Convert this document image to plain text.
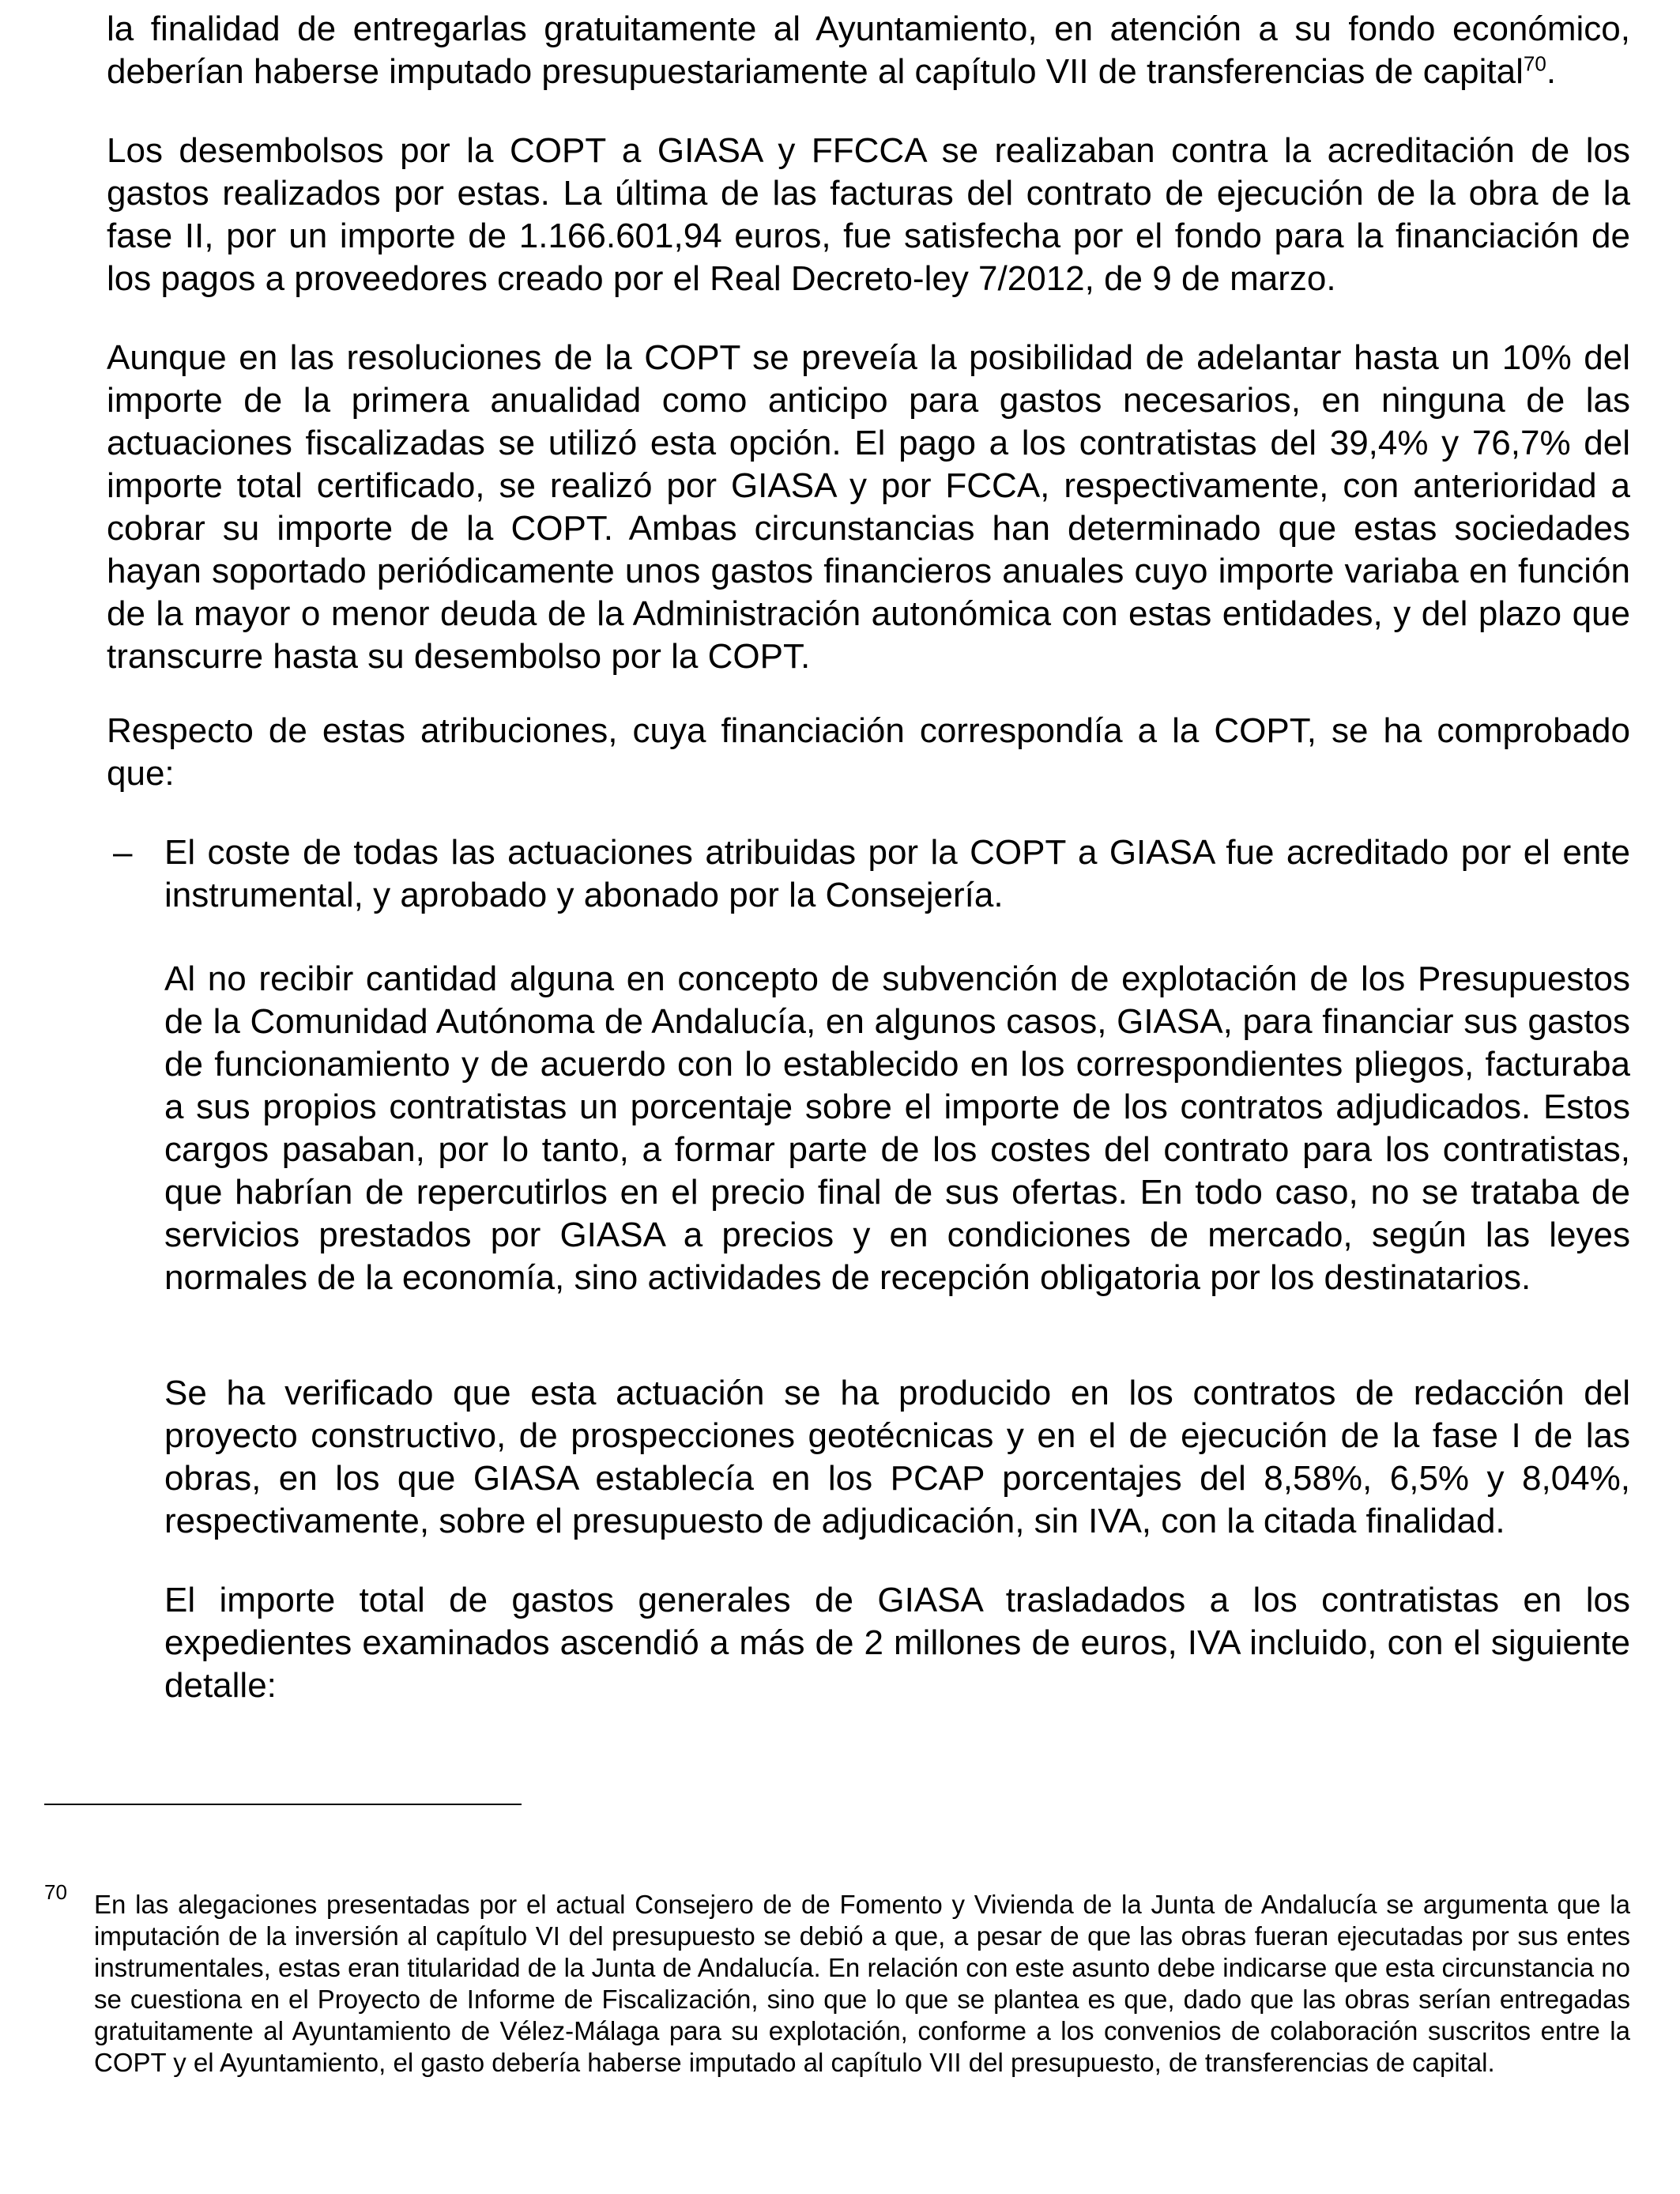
la finalidad de entregarlas gratuitamente al Ayuntamiento, en atención a su fondo económico, deberían haberse imputado presupuestariamente al capítulo VII de transferencias de capital$^{70}$.

Los desembolsos por la COPT a GIASA y FFCCA se realizaban contra la acreditación de los gastos realizados por estas. La última de las facturas del contrato de ejecución de la obra de la fase II, por un importe de 1.166.601,94 euros, fue satisfecha por el fondo para la financiación de los pagos a proveedores creado por el Real Decreto-ley 7/2012, de 9 de marzo.

Aunque en las resoluciones de la COPT se preveía la posibilidad de adelantar hasta un 10% del importe de la primera anualidad como anticipo para gastos necesarios, en ninguna de las actuaciones fiscalizadas se utilizó esta opción. El pago a los contratistas del 39,4% y 76,7% del importe total certificado, se realizó por GIASA y por FCCA, respectivamente, con anterioridad a cobrar su importe de la COPT. Ambas circunstancias han determinado que estas sociedades hayan soportado periódicamente unos gastos financieros anuales cuyo importe variaba en función de la mayor o menor deuda de la Administración autonómica con estas entidades, y del plazo que transcurre hasta su desembolso por la COPT.

Respecto de estas atribuciones, cuya financiación correspondía a la COPT, se ha comprobado que:

– El coste de todas las actuaciones atribuidas por la COPT a GIASA fue acreditado por el ente instrumental, y aprobado y abonado por la Consejería.

Al no recibir cantidad alguna en concepto de subvención de explotación de los Presupuestos de la Comunidad Autónoma de Andalucía, en algunos casos, GIASA, para financiar sus gastos de funcionamiento y de acuerdo con lo establecido en los correspondientes pliegos, facturaba a sus propios contratistas un porcentaje sobre el importe de los contratos adjudicados. Estos cargos pasaban, por lo tanto, a formar parte de los costes del contrato para los contratistas, que habrían de repercutirlos en el precio final de sus ofertas. En todo caso, no se trataba de servicios prestados por GIASA a precios y en condiciones de mercado, según las leyes normales de la economía, sino actividades de recepción obligatoria por los destinatarios.

Se ha verificado que esta actuación se ha producido en los contratos de redacción del proyecto constructivo, de prospecciones geotécnicas y en el de ejecución de la fase I de las obras, en los que GIASA establecía en los PCAP porcentajes del 8,58%, 6,5% y 8,04%, respectivamente, sobre el presupuesto de adjudicación, sin IVA, con la citada finalidad.

El importe total de gastos generales de GIASA trasladados a los contratistas en los expedientes examinados ascendió a más de 2 millones de euros, IVA incluido, con el siguiente detalle:

70 En las alegaciones presentadas por el actual Consejero de de Fomento y Vivienda de la Junta de Andalucía se argumenta que la imputación de la inversión al capítulo VI del presupuesto se debió a que, a pesar de que las obras fueran ejecutadas por sus entes instrumentales, estas eran titularidad de la Junta de Andalucía. En relación con este asunto debe indicarse que esta circunstancia no se cuestiona en el Proyecto de Informe de Fiscalización, sino que lo que se plantea es que, dado que las obras serían entregadas gratuitamente al Ayuntamiento de Vélez-Málaga para su explotación, conforme a los convenios de colaboración suscritos entre la COPT y el Ayuntamiento, el gasto debería haberse imputado al capítulo VII del presupuesto, de transferencias de capital.
